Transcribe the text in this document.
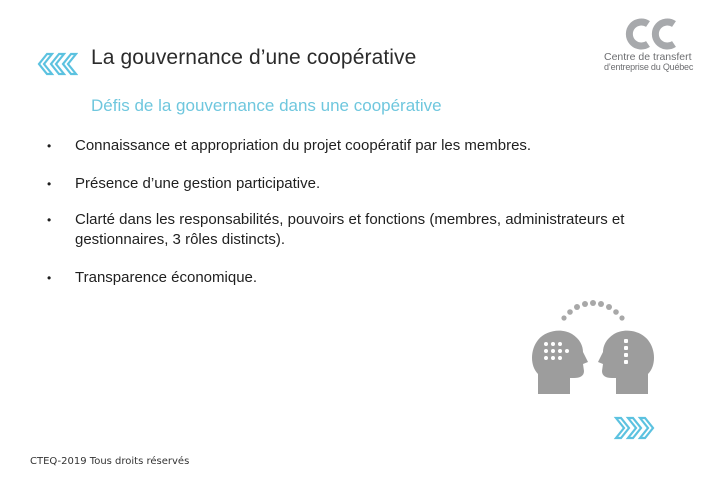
La gouvernance d’une coopérative	Centre de transfert
d’entreprise du Québec
Défis de la gouvernance dans une coopérative
• Connaissance et appropriation du projet coopératif par les membres.
• Présence d’une gestion participative.
• Clarté dans les responsabilités, pouvoirs et fonctions (membres, administrateurs et gestionnaires, 3 rôles distincts).
• Transparence économique.
CTEQ-2019 Tous droits réservés
